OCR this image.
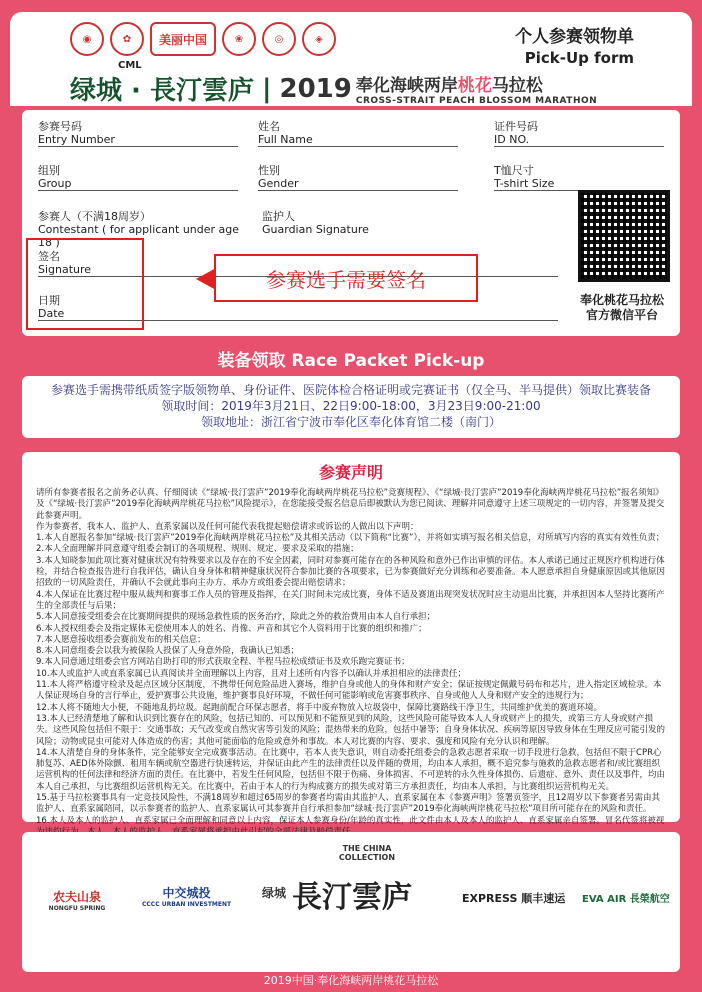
◉	✿	美丽中国	❀	◎	◈
CML
个人参赛领物单
Pick-Up form
绿城 · 長汀雲庐 | 2019 奉化海峡两岸桃花马拉松
CROSS-STRAIT PEACH BLOSSOM MARATHON
参赛号码
Entry Number
姓名
Full Name
证件号码
ID NO.
组别
Group
性别
Gender
T恤尺寸
T-shirt Size
参赛人（不满18周岁）
Contestant ( for applicant under age 18 )
监护人
Guardian Signature
签名
Signature
日期
Date
参赛选手需要签名
奉化桃花马拉松
官方微信平台
装备领取 Race Packet Pick-up
参赛选手需携带纸质签字版领物单、身份证件、医院体检合格证明或完赛证书（仅全马、半马提供）领取比赛装备
领取时间：2019年3月21日、22日9:00-18:00，3月23日9:00-21:00
领取地址：浙江省宁波市奉化区奉化体育馆二楼（南门）
参赛声明
请所有参赛者报名之前务必认真、仔细阅读《“绿城·長汀雲庐”2019奉化海峡两岸桃花马拉松”竞赛规程》、《“绿城·長汀雲庐”2019奉化海峡两岸桃花马拉松”报名须知》及《“绿城·長汀雲庐”2019奉化海峡两岸桃花马拉松”风险提示》，在您能接受报名信息后即被默认为您已阅读、理解并同意遵守上述三项规定的一切内容，并签署及提交此参赛声明。
作为参赛者，我本人、监护人、直系家属以及任何可能代表我提起赔偿请求或诉讼的人做出以下声明：
1.本人自愿报名参加“绿城·長汀雲庐”2019奉化海峡两岸桃花马拉松”及其相关活动（以下简称“比赛”），并将如实填写报名相关信息，对所填写内容的真实有效性负责；
2.本人全面理解并同意遵守组委会制订的各项规程、规则、规定、要求及采取的措施；
3.本人知晓参加此项比赛对健康状况有特殊要求以及存在的不安全因素，同时对参赛可能存在的各种风险和意外已作出审慎的评估。本人承诺已通过正规医疗机构进行体检，并结合检查报告进行自我评估，确认自身身体和精神健康状况符合参加比赛的各项要求，已为参赛做好充分训练和必要准备。本人愿意承担自身健康原因或其他原因招致的一切风险责任，并确认不会就此事向主办方、承办方或组委会提出赔偿请求；
4.本人保证在比赛过程中服从裁判和赛事工作人员的管理及指挥，在关门时间未完成比赛，身体不适及赛道出现突发状况时应主动退出比赛，并承担因本人坚持比赛所产生的全部责任与后果；
5.本人同意接受组委会在比赛期间提供的现场急救性质的医务治疗，除此之外的救治费用由本人自行承担；
6.本人授权组委会及指定媒体无偿使用本人的姓名、肖像、声音和其它个人资料用于比赛的组织和推广；
7.本人愿意接收组委会赛前发布的相关信息；
8.本人同意组委会以我为被保险人投保了人身意外险，我确认已知悉；
9.本人同意通过组委会官方网站自助打印的形式获取全程、半程马拉松成绩证书及欢乐跑完赛证书；
10.本人或监护人或直系家属已认真阅读并全面理解以上内容，且对上述所有内容予以确认并承担相应的法律责任；
11.本人将严格遵守检录及起点区域分区制度，不携带任何危险品进入赛场，维护自身或他人的身体和财产安全；保证按规定佩戴号码布和芯片，进入指定区域检录。本人保证现场自身的言行举止，爱护赛事公共设施，维护赛事良好环境，不做任何可能影响或危害赛事秩序、自身或他人人身和财产安全的违规行为；
12.本人将不随地大小便，不随地乱扔垃圾。起跑前配合环保志愿者，将手中废弃物放入垃圾袋中，保障比赛路线干净卫生，共同维护优美的赛道环境。
13.本人已经清楚地了解和认识到比赛存在的风险，包括已知的、可以预见和不能预见到的风险，这些风险可能导致本人人身或财产上的损失，或第三方人身或财产损失。这些风险包括但不限于：交通事故；天气改变或自然灾害等引发的风险；混热带来的危险，包括中暑等；自身身体状况、疾病等原因导致身体在生理反应可能引发的风险；动物或昆虫可能对人体造成的伤害；其他可能面临的危险或意外和事故。本人对比赛的内容、要求、强度和风险有充分认识和理解。
14.本人清楚自身的身体条件，完全能够安全完成赛事活动。在比赛中，若本人丧失意识，则自动委托组委会的急救志愿者采取一切手段进行急救，包括但不限于CPR心肺复苏、AED体外除颤、租用车辆或航空器进行快速转运，并保证由此产生的法律责任以及伴随的费用，均由本人承担，概不追究参与施救的急救志愿者和/或比赛组织运营机构的任何法律和经济方面的责任。在比赛中，若发生任何风险，包括但不限于伤痛、身体损害、不可逆转的永久性身体损伤、后遗症、意外、责任以及事件，均由本人自己承担，与比赛组织运营机构无关。在比赛中，若由于本人的行为构成赛方的损失或对第三方承担责任，均由本人承担，与比赛组织运营机构无关。
15.基于马拉松赛事具有一定竞技风险性，不满18周岁和超过65周岁的参赛者均需由其监护人、直系家属在本《参赛声明》签署页签字，且12周岁以下参赛者另需由其监护人、直系家属陪同，以示参赛者的监护人、直系家属认可其参赛并自行承担参加“绿城·長汀雲庐”2019奉化海峡两岸桃花马拉松”项目所可能存在的风险和责任。
16.本人及本人的监护人、直系家属已全面理解和同意以上内容，保证本人参赛身份/年龄的真实性，此文件由本人及本人的监护人、直系家属亲自签署。冒名代签将被视
农夫山泉
NONGFU SPRING
中交城投
CCCC URBAN INVESTMENT
THE CHINA COLLECTION
绿城 長汀雲庐	EXPRESS 顺丰速运 EVA AIR 長榮航空
2019中国·奉化海峡两岸桃花马拉松
